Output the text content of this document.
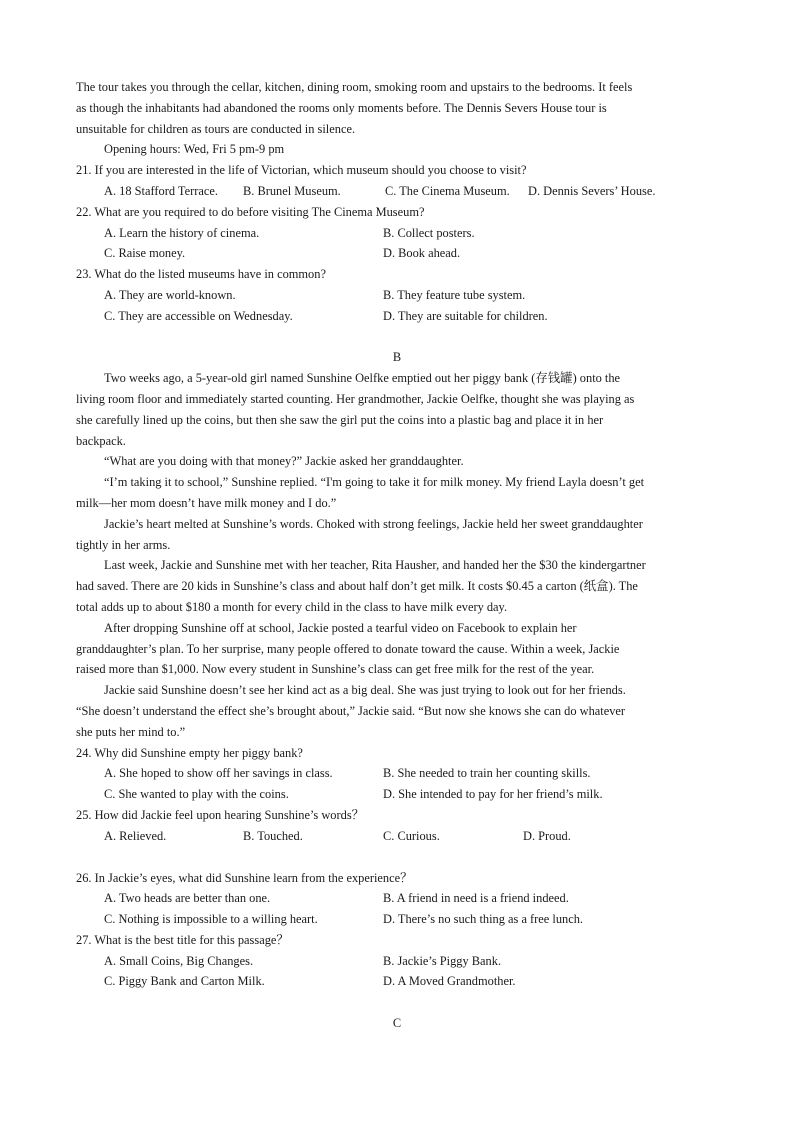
The tour takes you through the cellar, kitchen, dining room, smoking room and upstairs to the bedrooms. It feels
as though the inhabitants had abandoned the rooms only moments before. The Dennis Severs House tour is
unsuitable for children as tours are conducted in silence.
Opening hours: Wed, Fri 5 pm-9 pm
21. If you are interested in the life of Victorian, which museum should you choose to visit?
A. 18 Stafford Terrace. B. Brunel Museum.	C. The Cinema Museum. D. Dennis Severs’ House.
22. What are you required to do before visiting The Cinema Museum?
A. Learn the history of cinema.	B. Collect posters.
C. Raise money.	D. Book ahead.
23. What do the listed museums have in common?
A. They are world-known.	B. They feature tube system.
C. They are accessible on Wednesday.	D. They are suitable for children.
B
Two weeks ago, a 5-year-old girl named Sunshine Oelfke emptied out her piggy bank (存钱罐) onto the
living room floor and immediately started counting. Her grandmother, Jackie Oelfke, thought she was playing as
she carefully lined up the coins, but then she saw the girl put the coins into a plastic bag and place it in her
backpack.
“What are you doing with that money?” Jackie asked her granddaughter.
“I’m taking it to school,” Sunshine replied. “I'm going to take it for milk money. My friend Layla doesn’t get
milk—her mom doesn’t have milk money and I do.”
Jackie’s heart melted at Sunshine’s words. Choked with strong feelings, Jackie held her sweet granddaughter
tightly in her arms.
Last week, Jackie and Sunshine met with her teacher, Rita Hausher, and handed her the $30 the kindergartner
had saved. There are 20 kids in Sunshine’s class and about half don’t get milk. It costs $0.45 a carton (纸盒). The
total adds up to about $180 a month for every child in the class to have milk every day.
After dropping Sunshine off at school, Jackie posted a tearful video on Facebook to explain her
granddaughter’s plan. To her surprise, many people offered to donate toward the cause. Within a week, Jackie
raised more than $1,000. Now every student in Sunshine’s class can get free milk for the rest of the year.
Jackie said Sunshine doesn’t see her kind act as a big deal. She was just trying to look out for her friends.
“She doesn’t understand the effect she’s brought about,” Jackie said. “But now she knows she can do whatever
she puts her mind to.”
24. Why did Sunshine empty her piggy bank?
A. She hoped to show off her savings in class.	B. She needed to train her counting skills.
C. She wanted to play with the coins.	D. She intended to pay for her friend’s milk.
25. How did Jackie feel upon hearing Sunshine’s words？
A. Relieved.	B. Touched.	C. Curious.	D. Proud.
26. In Jackie’s eyes, what did Sunshine learn from the experience？
A. Two heads are better than one.	B. A friend in need is a friend indeed.
C. Nothing is impossible to a willing heart.	D. There’s no such thing as a free lunch.
27. What is the best title for this passage？
A. Small Coins, Big Changes.	B. Jackie’s Piggy Bank.
C. Piggy Bank and Carton Milk.	D. A Moved Grandmother.
C
